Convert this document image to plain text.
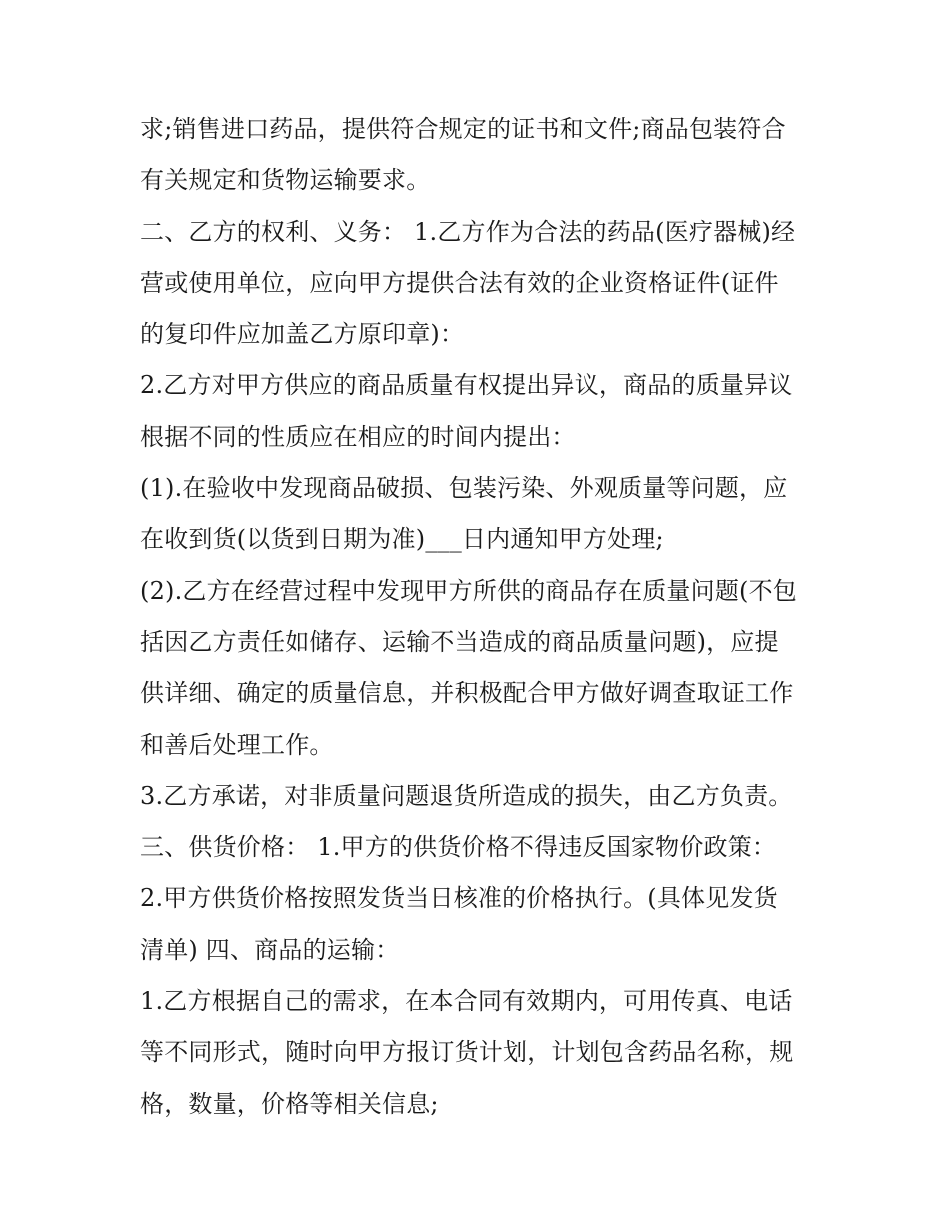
求;销售进口药品，提供符合规定的证书和文件;商品包装符合

有关规定和货物运输要求。

二、乙方的权利、义务： 1.乙方作为合法的药品(医疗器械)经

营或使用单位，应向甲方提供合法有效的企业资格证件(证件

的复印件应加盖乙方原印章)：

2.乙方对甲方供应的商品质量有权提出异议，商品的质量异议

根据不同的性质应在相应的时间内提出：

(1).在验收中发现商品破损、包装污染、外观质量等问题，应

在收到货(以货到日期为准)___日内通知甲方处理;

(2).乙方在经营过程中发现甲方所供的商品存在质量问题(不包

括因乙方责任如储存、运输不当造成的商品质量问题)，应提

供详细、确定的质量信息，并积极配合甲方做好调查取证工作

和善后处理工作。

3.乙方承诺，对非质量问题退货所造成的损失，由乙方负责。

三、供货价格： 1.甲方的供货价格不得违反国家物价政策：

2.甲方供货价格按照发货当日核准的价格执行。(具体见发货

清单) 四、商品的运输：

1.乙方根据自己的需求，在本合同有效期内，可用传真、电话

等不同形式，随时向甲方报订货计划，计划包含药品名称，规

格，数量，价格等相关信息;
